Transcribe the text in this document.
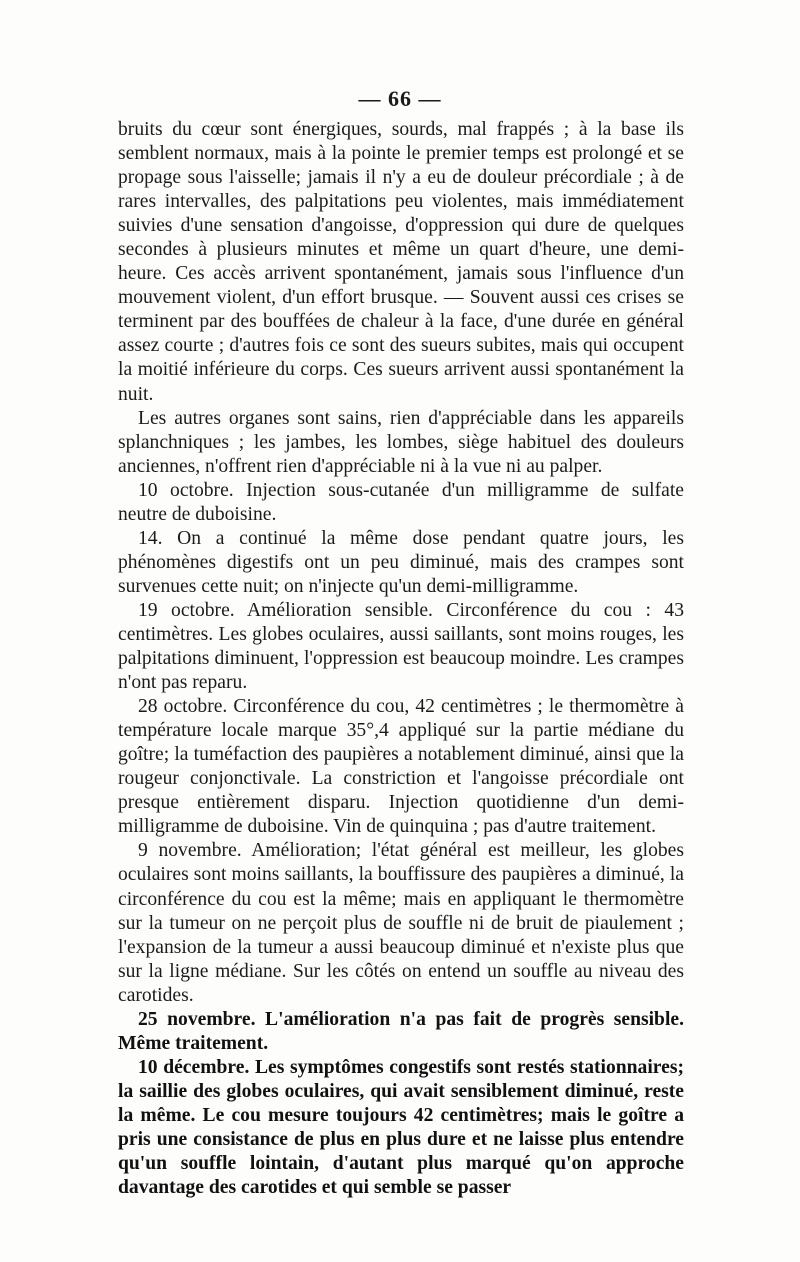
— 66 —

bruits du cœur sont énergiques, sourds, mal frappés ; à la base ils semblent normaux, mais à la pointe le premier temps est prolongé et se propage sous l'aisselle; jamais il n'y a eu de douleur précordiale ; à de rares intervalles, des palpitations peu violentes, mais immédiatement suivies d'une sensation d'angoisse, d'oppression qui dure de quelques secondes à plusieurs minutes et même un quart d'heure, une demi-heure. Ces accès arrivent spontanément, jamais sous l'influence d'un mouvement violent, d'un effort brusque. — Souvent aussi ces crises se terminent par des bouffées de chaleur à la face, d'une durée en général assez courte ; d'autres fois ce sont des sueurs subites, mais qui occupent la moitié inférieure du corps. Ces sueurs arrivent aussi spontanément la nuit.

Les autres organes sont sains, rien d'appréciable dans les appareils splanchniques ; les jambes, les lombes, siège habituel des douleurs anciennes, n'offrent rien d'appréciable ni à la vue ni au palper.

10 octobre. Injection sous-cutanée d'un milligramme de sulfate neutre de duboisine.

14. On a continué la même dose pendant quatre jours, les phénomènes digestifs ont un peu diminué, mais des crampes sont survenues cette nuit; on n'injecte qu'un demi-milligramme.

19 octobre. Amélioration sensible. Circonférence du cou : 43 centimètres. Les globes oculaires, aussi saillants, sont moins rouges, les palpitations diminuent, l'oppression est beaucoup moindre. Les crampes n'ont pas reparu.

28 octobre. Circonférence du cou, 42 centimètres ; le thermomètre à température locale marque 35°,4 appliqué sur la partie médiane du goître; la tuméfaction des paupières a notablement diminué, ainsi que la rougeur conjonctivale. La constriction et l'angoisse précordiale ont presque entièrement disparu. Injection quotidienne d'un demi-milligramme de duboisine. Vin de quinquina ; pas d'autre traitement.

9 novembre. Amélioration; l'état général est meilleur, les globes oculaires sont moins saillants, la bouffissure des paupières a diminué, la circonférence du cou est la même; mais en appliquant le thermomètre sur la tumeur on ne perçoit plus de souffle ni de bruit de piaulement ; l'expansion de la tumeur a aussi beaucoup diminué et n'existe plus que sur la ligne médiane. Sur les côtés on entend un souffle au niveau des carotides.

25 novembre. L'amélioration n'a pas fait de progrès sensible. Même traitement.

10 décembre. Les symptômes congestifs sont restés stationnaires; la saillie des globes oculaires, qui avait sensiblement diminué, reste la même. Le cou mesure toujours 42 centimètres; mais le goître a pris une consistance de plus en plus dure et ne laisse plus entendre qu'un souffle lointain, d'autant plus marqué qu'on approche davantage des carotides et qui semble se passer
